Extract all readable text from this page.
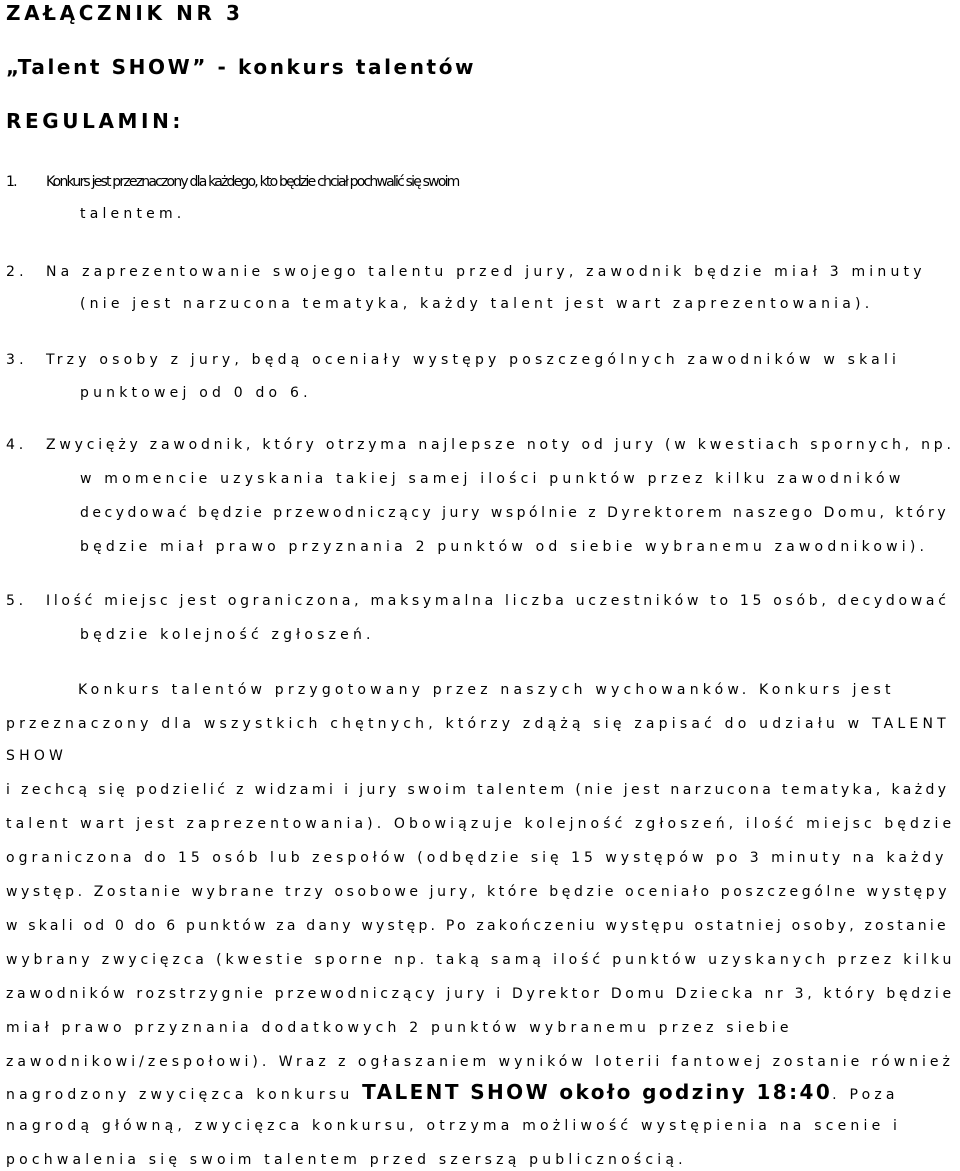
ZAŁĄCZNIK NR 3
„Talent SHOW” - konkurs talentów
REGULAMIN:
1. Konkurs jest przeznaczony dla każdego, kto będzie chciał pochwalić się swoim
talentem.
2. Na zaprezentowanie swojego talentu przed jury, zawodnik będzie miał 3 minuty
(nie jest narzucona tematyka, każdy talent jest wart zaprezentowania).
3. Trzy osoby z jury, będą oceniały występy poszczególnych zawodników w skali
punktowej od 0 do 6.
4. Zwycięży zawodnik, który otrzyma najlepsze noty od jury (w kwestiach spornych, np.
w momencie uzyskania takiej samej ilości punktów przez kilku zawodników
decydować będzie przewodniczący jury wspólnie z Dyrektorem naszego Domu, który
będzie miał prawo przyznania 2 punktów od siebie wybranemu zawodnikowi).
5. Ilość miejsc jest ograniczona, maksymalna liczba uczestników to 15 osób, decydować
będzie kolejność zgłoszeń.
Konkurs talentów przygotowany przez naszych wychowanków. Konkurs jest
przeznaczony dla wszystkich chętnych, którzy zdążą się zapisać do udziału w TALENT
SHOW
i zechcą się podzielić z widzami i jury swoim talentem (nie jest narzucona tematyka, każdy
talent wart jest zaprezentowania). Obowiązuje kolejność zgłoszeń, ilość miejsc będzie
ograniczona do 15 osób lub zespołów (odbędzie się 15 występów po 3 minuty na każdy
występ. Zostanie wybrane trzy osobowe jury, które będzie oceniało poszczególne występy
w skali od 0 do 6 punktów za dany występ. Po zakończeniu występu ostatniej osoby, zostanie
wybrany zwycięzca (kwestie sporne np. taką samą ilość punktów uzyskanych przez kilku
zawodników rozstrzygnie przewodniczący jury i Dyrektor Domu Dziecka nr 3, który będzie
miał prawo przyznania dodatkowych 2 punktów wybranemu przez siebie
zawodnikowi/zespołowi). Wraz z ogłaszaniem wyników loterii fantowej zostanie również
nagrodzony zwycięzca konkursu TALENT SHOW około godziny 18:40. Poza
nagrodą główną, zwycięzca konkursu, otrzyma możliwość występienia na scenie i
pochwalenia się swoim talentem przed szerszą publicznością.
